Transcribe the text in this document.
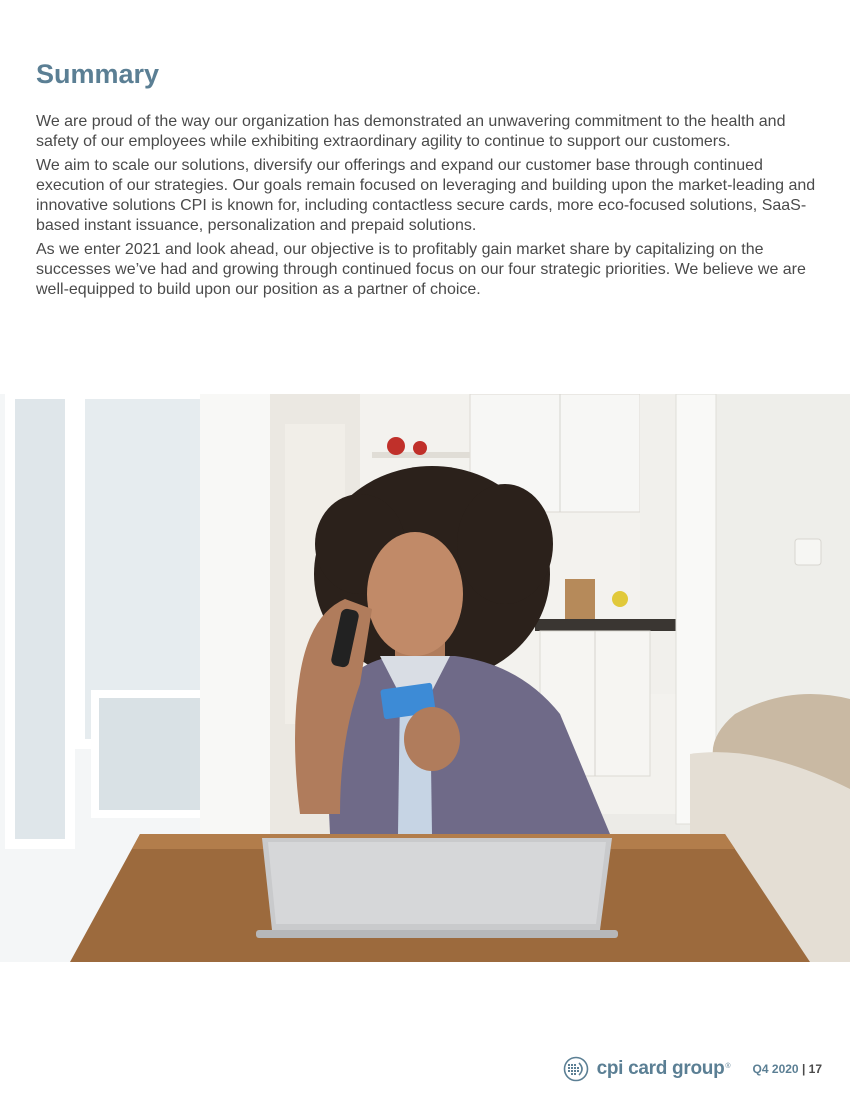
Summary

We are proud of the way our organization has demonstrated an unwavering commitment to the health and safety of our employees while exhibiting extraordinary agility to continue to support our customers.

We aim to scale our solutions, diversify our offerings and expand our customer base through continued execution of our strategies. Our goals remain focused on leveraging and building upon the market-leading and innovative solutions CPI is known for, including contactless secure cards, more eco-focused solutions, SaaS-based instant issuance, personalization and prepaid solutions.

As we enter 2021 and look ahead, our objective is to profitably gain market share by capitalizing on the successes we’ve had and growing through continued focus on our four strategic priorities. We believe we are well-equipped to build upon our position as a partner of choice.

cpi card group® Q4 2020 | 17
